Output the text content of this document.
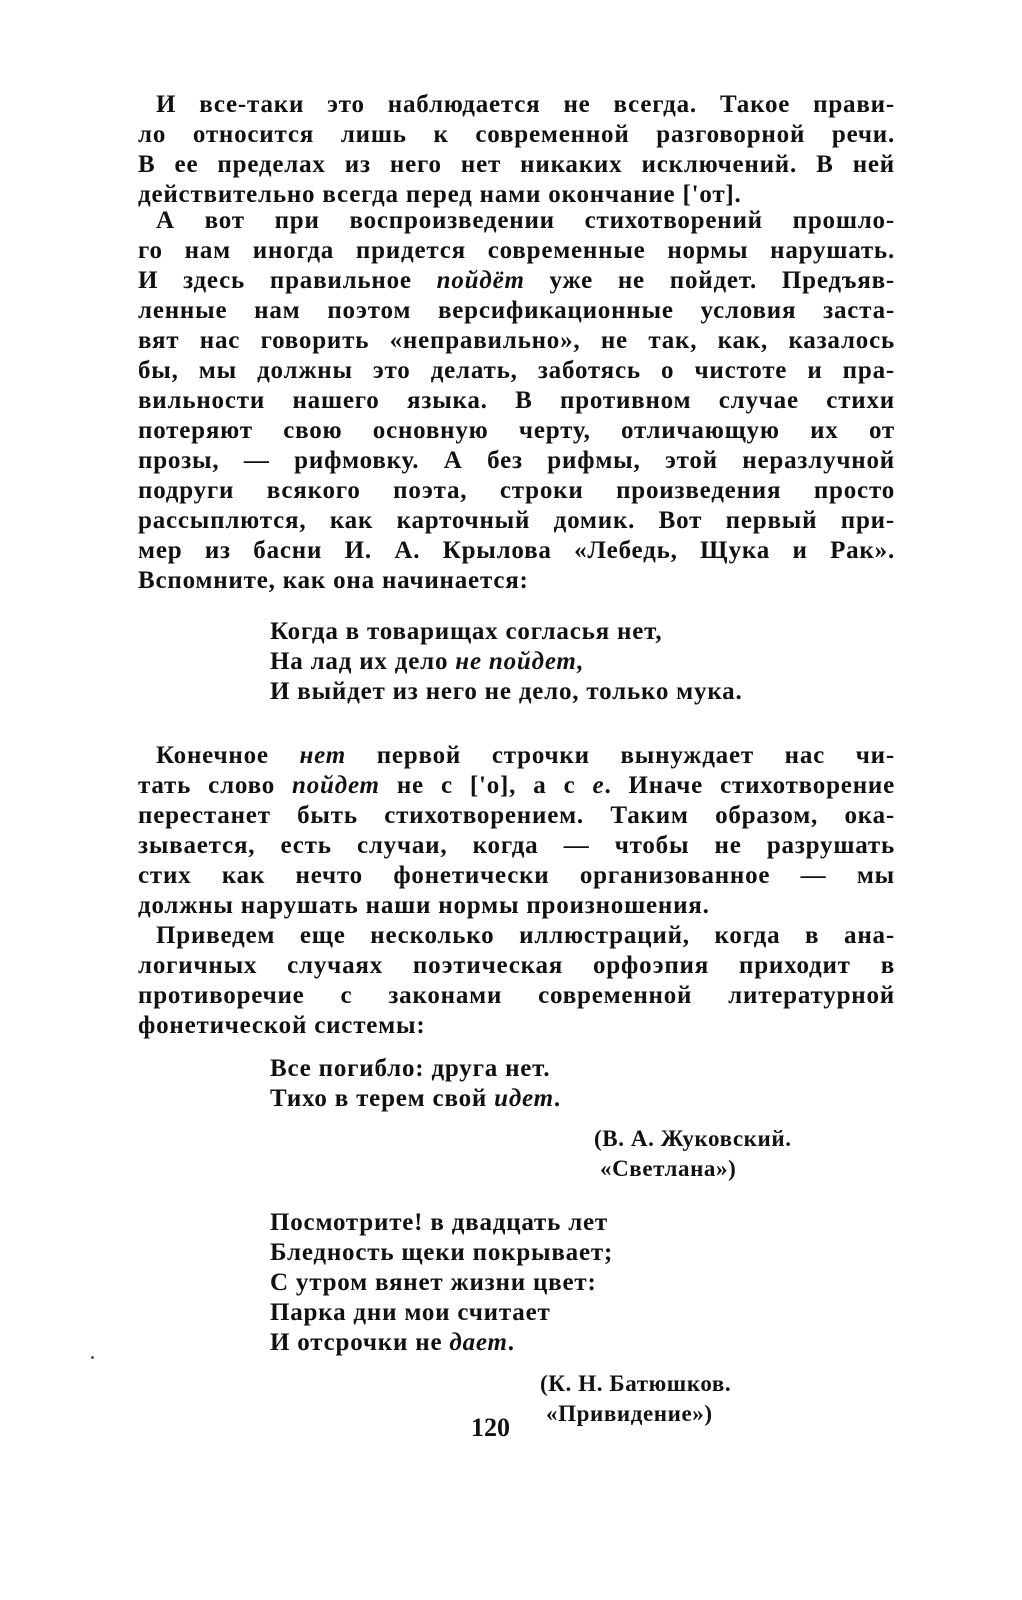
И все-таки это наблюдается не всегда. Такое прави-
ло относится лишь к современной разговорной речи.
В ее пределах из него нет никаких исключений. В ней
действительно всегда перед нами окончание ['от].
А вот при воспроизведении стихотворений прошло-
го нам иногда придется современные нормы нарушать.
И здесь правильное пойдёт уже не пойдет. Предъяв-
ленные нам поэтом версификационные условия заста-
вят нас говорить «неправильно», не так, как, казалось
бы, мы должны это делать, заботясь о чистоте и пра-
вильности нашего языка. В противном случае стихи
потеряют свою основную черту, отличающую их от
прозы, — рифмовку. А без рифмы, этой неразлучной
подруги всякого поэта, строки произведения просто
рассыплются, как карточный домик. Вот первый при-
мер из басни И. А. Крылова «Лебедь, Щука и Рак».
Вспомните, как она начинается:
Когда в товарищах согласья нет,
На лад их дело не пойдет,
И выйдет из него не дело, только мука.
Конечное нет первой строчки вынуждает нас чи-
тать слово пойдет не с ['о], а с е. Иначе стихотворение
перестанет быть стихотворением. Таким образом, ока-
зывается, есть случаи, когда — чтобы не разрушать
стих как нечто фонетически организованное — мы
должны нарушать наши нормы произношения.
Приведем еще несколько иллюстраций, когда в ана-
логичных случаях поэтическая орфоэпия приходит в
противоречие с законами современной литературной
фонетической системы:
Все погибло: друга нет.
Тихо в терем свой идет.
(В. А. Жуковский.
«Светлана»)
Посмотрите! в двадцать лет
Бледность щеки покрывает;
С утром вянет жизни цвет:
Парка дни мои считает
И отсрочки не дает.
(К. Н. Батюшков.
«Привидение»)
120
